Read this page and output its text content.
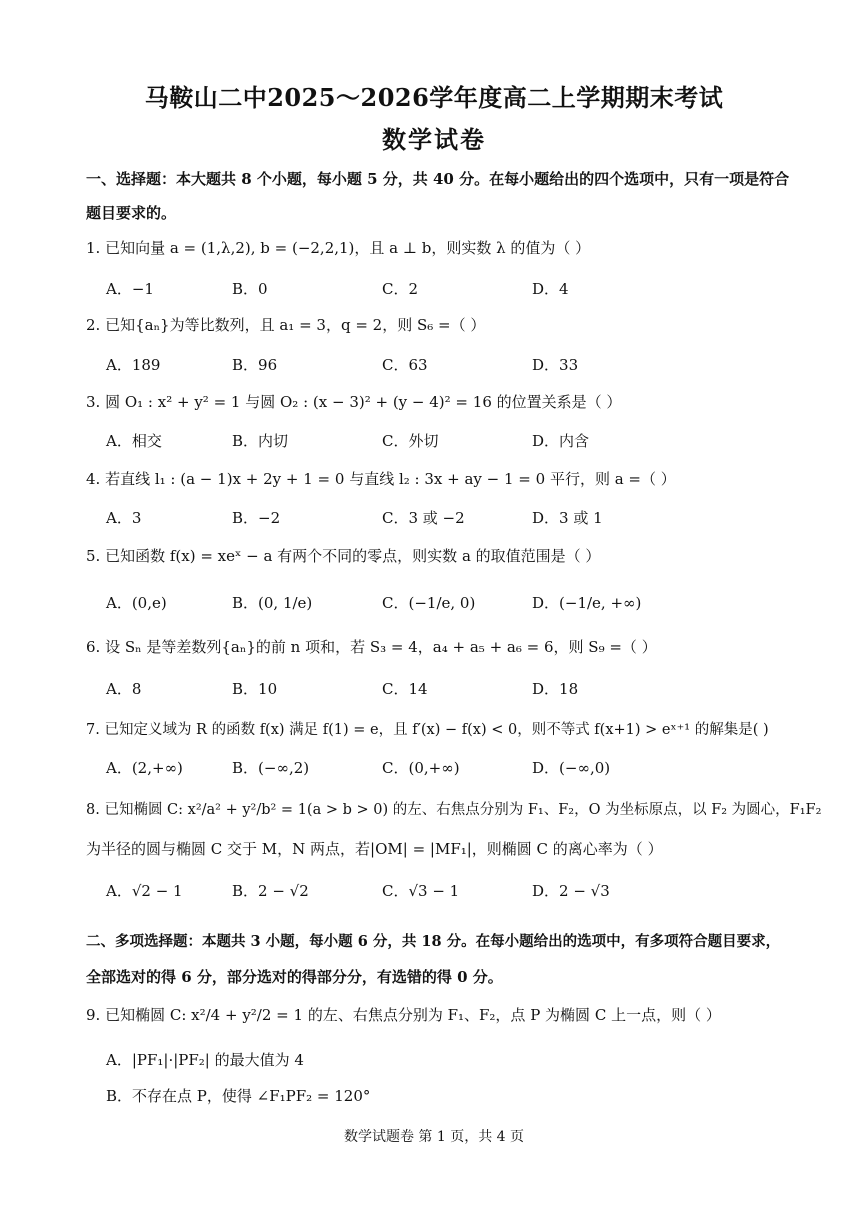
马鞍山二中2025～2026学年度高二上学期期末考试
数学试卷
一、选择题：本大题共 8 个小题，每小题 5 分，共 40 分。在每小题给出的四个选项中，只有一项是符合
题目要求的。
1. 已知向量 a = (1,λ,2), b = (−2,2,1)，且 a ⊥ b，则实数 λ 的值为（ ）
A．−1	B．0	C．2	D．4
2. 已知{aₙ}为等比数列，且 a₁ = 3，q = 2，则 S₆ =（ ）
A．189	B．96	C．63	D．33
3. 圆 O₁ : x² + y² = 1 与圆 O₂ : (x − 3)² + (y − 4)² = 16 的位置关系是（ ）
A．相交	B．内切	C．外切	D．内含
4. 若直线 l₁ : (a − 1)x + 2y + 1 = 0 与直线 l₂ : 3x + ay − 1 = 0 平行，则 a =（ ）
A．3	B．−2	C．3 或 −2	D．3 或 1
5. 已知函数 f(x) = xeˣ − a 有两个不同的零点，则实数 a 的取值范围是（ ）
A．(0,e)	B．(0, 1/e)	C．(−1/e, 0)	D．(−1/e, +∞)
6. 设 Sₙ 是等差数列{aₙ}的前 n 项和，若 S₃ = 4，a₄ + a₅ + a₆ = 6，则 S₉ =（ ）
A．8	B．10	C．14	D．18
7. 已知定义域为 R 的函数 f(x) 满足 f(1) = e，且 f′(x) − f(x) < 0，则不等式 f(x+1) > eˣ⁺¹ 的解集是( )
A．(2,+∞)	B．(−∞,2)	C．(0,+∞)	D．(−∞,0)
8. 已知椭圆 C: x²/a² + y²/b² = 1(a > b > 0) 的左、右焦点分别为 F₁、F₂，O 为坐标原点，以 F₂ 为圆心，F₁F₂
为半径的圆与椭圆 C 交于 M，N 两点，若|OM| = |MF₁|，则椭圆 C 的离心率为（ ）
A．√2 − 1	B．2 − √2	C．√3 − 1	D．2 − √3
二、多项选择题：本题共 3 小题，每小题 6 分，共 18 分。在每小题给出的选项中，有多项符合题目要求，
全部选对的得 6 分，部分选对的得部分分，有选错的得 0 分。
9. 已知椭圆 C: x²/4 + y²/2 = 1 的左、右焦点分别为 F₁、F₂，点 P 为椭圆 C 上一点，则（ ）
A．|PF₁|·|PF₂| 的最大值为 4
B．不存在点 P，使得 ∠F₁PF₂ = 120°
数学试题卷 第 1 页，共 4 页
